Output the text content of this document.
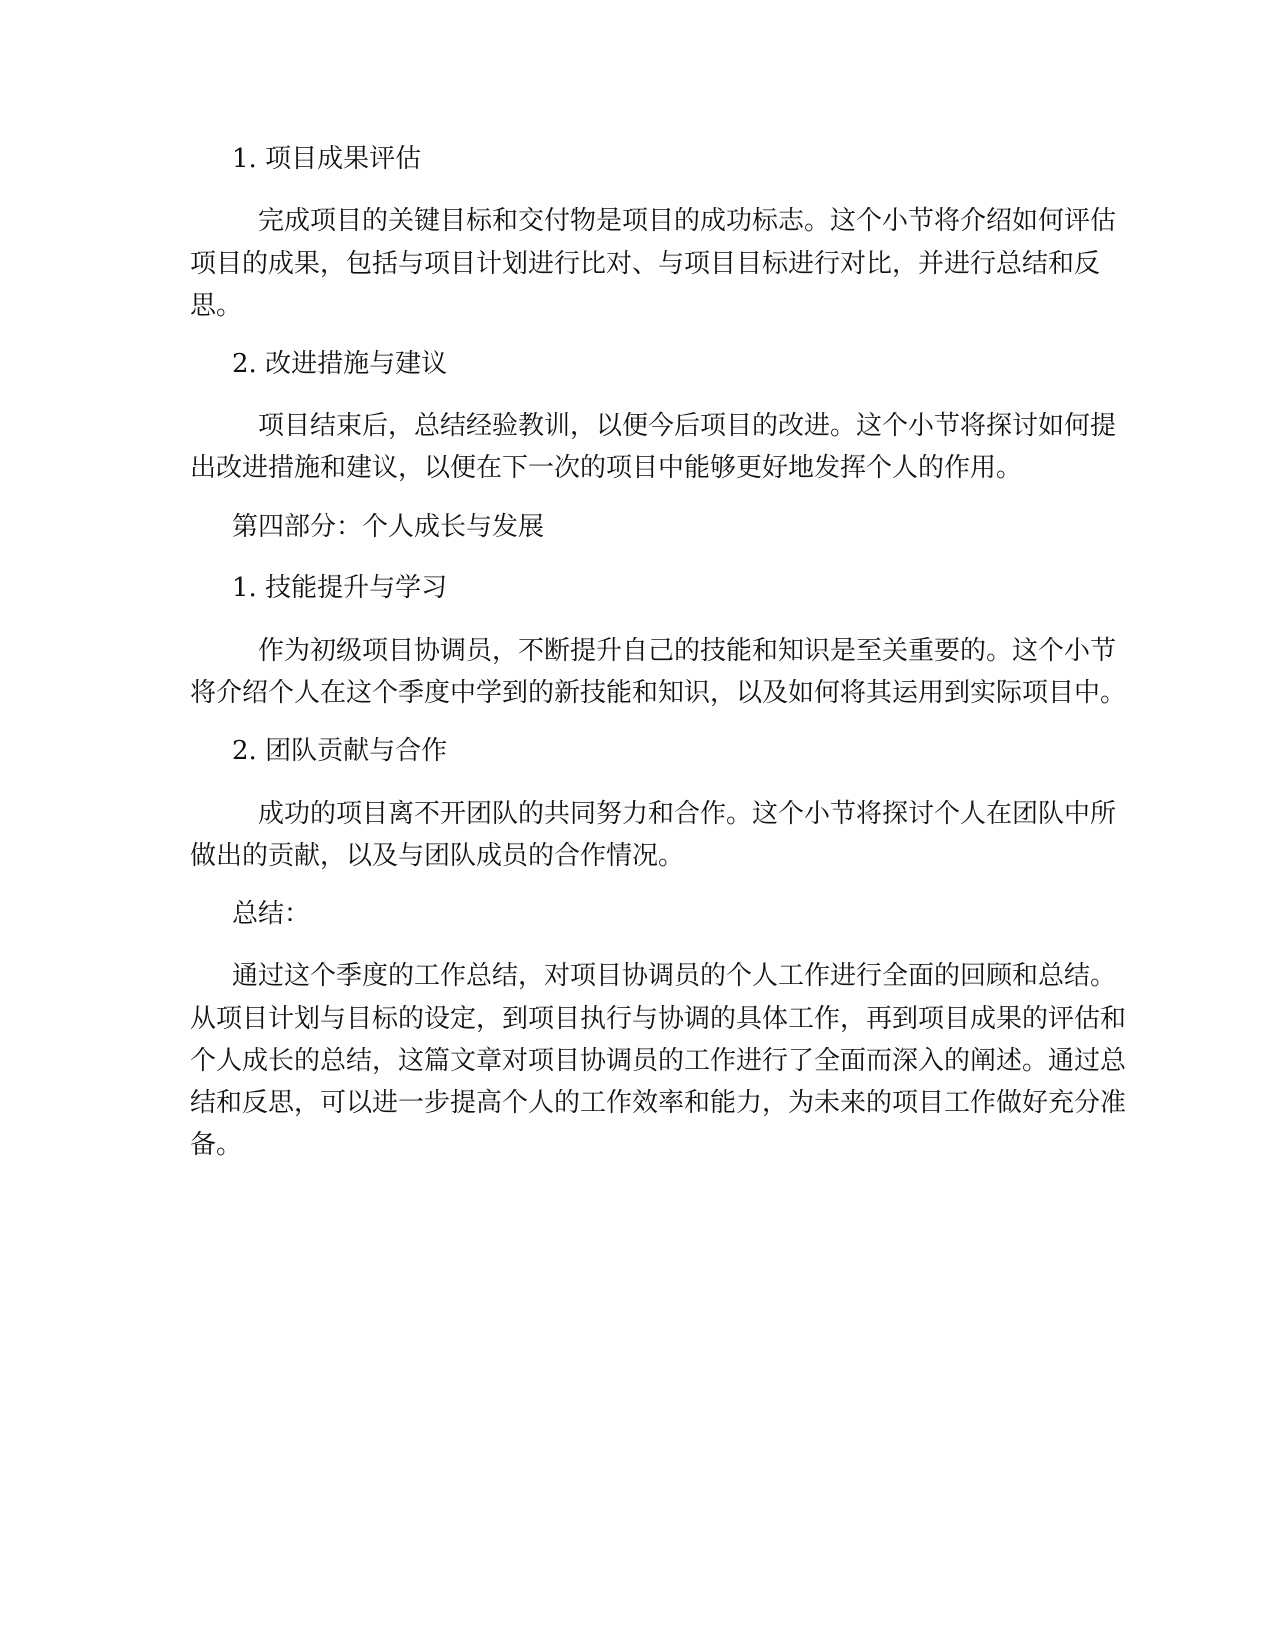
1. 项目成果评估

完成项目的关键目标和交付物是项目的成功标志。这个小节将介绍如何评估

项目的成果，包括与项目计划进行比对、与项目目标进行对比，并进行总结和反

思。

2. 改进措施与建议

项目结束后，总结经验教训，以便今后项目的改进。这个小节将探讨如何提

出改进措施和建议，以便在下一次的项目中能够更好地发挥个人的作用。

第四部分：个人成长与发展

1. 技能提升与学习

作为初级项目协调员，不断提升自己的技能和知识是至关重要的。这个小节

将介绍个人在这个季度中学到的新技能和知识，以及如何将其运用到实际项目中。

2. 团队贡献与合作

成功的项目离不开团队的共同努力和合作。这个小节将探讨个人在团队中所

做出的贡献，以及与团队成员的合作情况。

总结：

通过这个季度的工作总结，对项目协调员的个人工作进行全面的回顾和总结。

从项目计划与目标的设定，到项目执行与协调的具体工作，再到项目成果的评估和

个人成长的总结，这篇文章对项目协调员的工作进行了全面而深入的阐述。通过总

结和反思，可以进一步提高个人的工作效率和能力，为未来的项目工作做好充分准

备。
